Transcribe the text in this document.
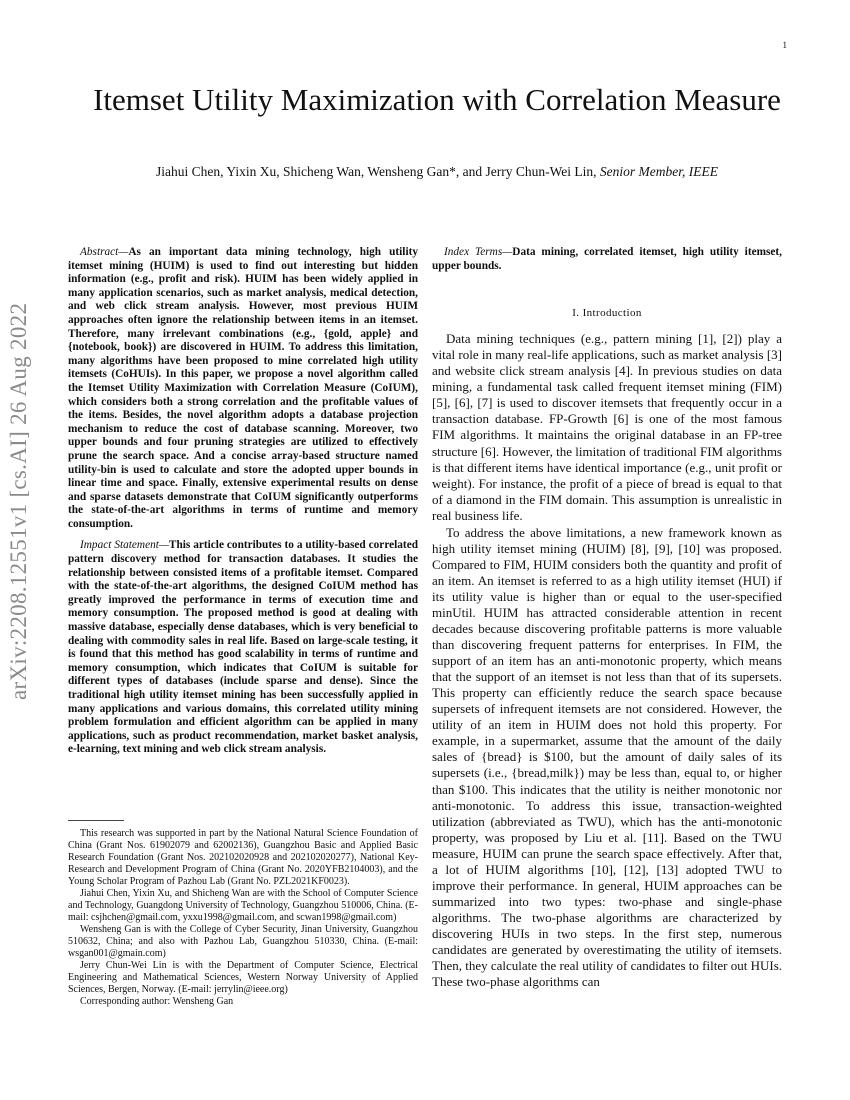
1
arXiv:2208.12551v1 [cs.AI] 26 Aug 2022
Itemset Utility Maximization with Correlation Measure
Jiahui Chen, Yixin Xu, Shicheng Wan, Wensheng Gan*, and Jerry Chun-Wei Lin, Senior Member, IEEE

Abstract—As an important data mining technology, high utility itemset mining (HUIM) is used to find out interesting but hidden information (e.g., profit and risk). HUIM has been widely applied in many application scenarios, such as market analysis, medical detection, and web click stream analysis. However, most previous HUIM approaches often ignore the relationship between items in an itemset. Therefore, many irrelevant combinations (e.g., {gold, apple} and {notebook, book}) are discovered in HUIM. To address this limitation, many algorithms have been proposed to mine correlated high utility itemsets (CoHUIs). In this paper, we propose a novel algorithm called the Itemset Utility Maximization with Correlation Measure (CoIUM), which considers both a strong correlation and the profitable values of the items. Besides, the novel algorithm adopts a database projection mechanism to reduce the cost of database scanning. Moreover, two upper bounds and four pruning strategies are utilized to effectively prune the search space. And a concise array-based structure named utility-bin is used to calculate and store the adopted upper bounds in linear time and space. Finally, extensive experimental results on dense and sparse datasets demonstrate that CoIUM significantly outperforms the state-of-the-art algorithms in terms of runtime and memory consumption.

Impact Statement—This article contributes to a utility-based correlated pattern discovery method for transaction databases. It studies the relationship between consisted items of a profitable itemset. Compared with the state-of-the-art algorithms, the designed CoIUM method has greatly improved the performance in terms of execution time and memory consumption. The proposed method is good at dealing with massive database, especially dense databases, which is very beneficial to dealing with commodity sales in real life. Based on large-scale testing, it is found that this method has good scalability in terms of runtime and memory consumption, which indicates that CoIUM is suitable for different types of databases (include sparse and dense). Since the traditional high utility itemset mining has been successfully applied in many applications and various domains, this correlated utility mining problem formulation and efficient algorithm can be applied in many applications, such as product recommendation, market basket analysis, e-learning, text mining and web click stream analysis.

This research was supported in part by the National Natural Science Foundation of China (Grant Nos. 61902079 and 62002136), Guangzhou Basic and Applied Basic Research Foundation (Grant Nos. 202102020928 and 202102020277), National Key-Research and Development Program of China (Grant No. 2020YFB2104003), and the Young Scholar Program of Pazhou Lab (Grant No. PZL2021KF0023).

Jiahui Chen, Yixin Xu, and Shicheng Wan are with the School of Computer Science and Technology, Guangdong University of Technology, Guangzhou 510006, China. (E-mail: csjhchen@gmail.com, yxxu1998@gmail.com, and scwan1998@gmail.com)

Wensheng Gan is with the College of Cyber Security, Jinan University, Guangzhou 510632, China; and also with Pazhou Lab, Guangzhou 510330, China. (E-mail: wsgan001@gmain.com)

Jerry Chun-Wei Lin is with the Department of Computer Science, Electrical Engineering and Mathematical Sciences, Western Norway University of Applied Sciences, Bergen, Norway. (E-mail: jerrylin@ieee.org)

Corresponding author: Wensheng Gan

Index Terms—Data mining, correlated itemset, high utility itemset, upper bounds.

I. Introduction

Data mining techniques (e.g., pattern mining [1], [2]) play a vital role in many real-life applications, such as market analysis [3] and website click stream analysis [4]. In previous studies on data mining, a fundamental task called frequent itemset mining (FIM) [5], [6], [7] is used to discover itemsets that frequently occur in a transaction database. FP-Growth [6] is one of the most famous FIM algorithms. It maintains the original database in an FP-tree structure [6]. However, the limitation of traditional FIM algorithms is that different items have identical importance (e.g., unit profit or weight). For instance, the profit of a piece of bread is equal to that of a diamond in the FIM domain. This assumption is unrealistic in real business life.

To address the above limitations, a new framework known as high utility itemset mining (HUIM) [8], [9], [10] was proposed. Compared to FIM, HUIM considers both the quantity and profit of an item. An itemset is referred to as a high utility itemset (HUI) if its utility value is higher than or equal to the user-specified minUtil. HUIM has attracted considerable attention in recent decades because discovering profitable patterns is more valuable than discovering frequent patterns for enterprises. In FIM, the support of an item has an anti-monotonic property, which means that the support of an itemset is not less than that of its supersets. This property can efficiently reduce the search space because supersets of infrequent itemsets are not considered. However, the utility of an item in HUIM does not hold this property. For example, in a supermarket, assume that the amount of the daily sales of {bread} is $100, but the amount of daily sales of its supersets (i.e., {bread,milk}) may be less than, equal to, or higher than $100. This indicates that the utility is neither monotonic nor anti-monotonic. To address this issue, transaction-weighted utilization (abbreviated as TWU), which has the anti-monotonic property, was proposed by Liu et al. [11]. Based on the TWU measure, HUIM can prune the search space effectively. After that, a lot of HUIM algorithms [10], [12], [13] adopted TWU to improve their performance. In general, HUIM approaches can be summarized into two types: two-phase and single-phase algorithms. The two-phase algorithms are characterized by discovering HUIs in two steps. In the first step, numerous candidates are generated by overestimating the utility of itemsets. Then, they calculate the real utility of candidates to filter out HUIs. These two-phase algorithms can
